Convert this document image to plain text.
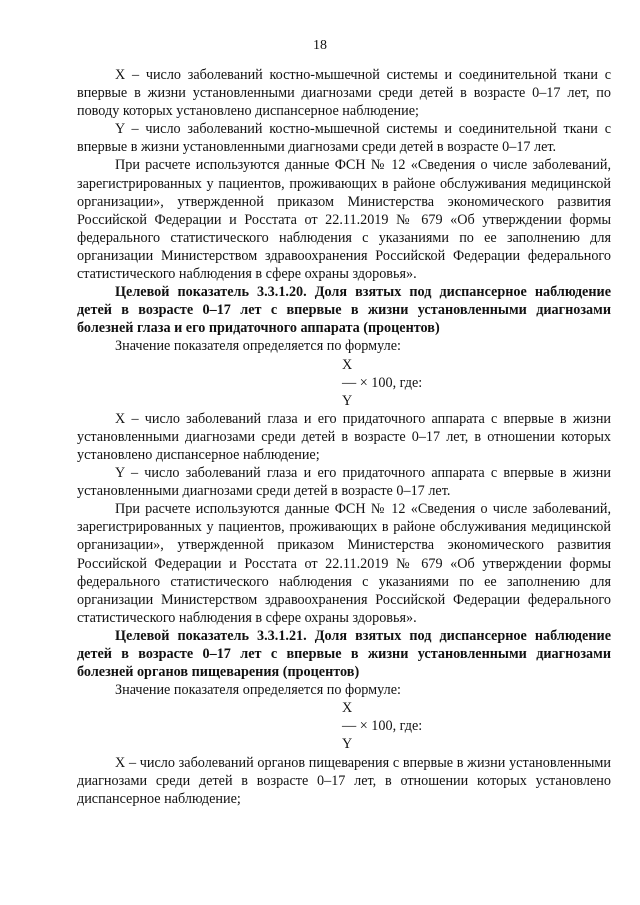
18

X – число заболеваний костно-мышечной системы и соединительной ткани с впервые в жизни установленными диагнозами среди детей в возрасте 0–17 лет, по поводу которых установлено диспансерное наблюдение;

Y – число заболеваний костно-мышечной системы и соединительной ткани с впервые в жизни установленными диагнозами среди детей в возрасте 0–17 лет.

При расчете используются данные ФСН № 12 «Сведения о числе заболеваний, зарегистрированных у пациентов, проживающих в районе обслуживания медицинской организации», утвержденной приказом Министерства экономического развития Российской Федерации и Росстата от 22.11.2019 № 679 «Об утверждении формы федерального статистического наблюдения с указаниями по ее заполнению для организации Министерством здравоохранения Российской Федерации федерального статистического наблюдения в сфере охраны здоровья».

Целевой показатель 3.3.1.20. Доля взятых под диспансерное наблюдение детей в возрасте 0–17 лет с впервые в жизни установленными диагнозами болезней глаза и его придаточного аппарата (процентов)

Значение показателя определяется по формуле:

X
— × 100, где:
Y

X – число заболеваний глаза и его придаточного аппарата с впервые в жизни установленными диагнозами среди детей в возрасте 0–17 лет, в отношении которых установлено диспансерное наблюдение;

Y – число заболеваний глаза и его придаточного аппарата с впервые в жизни установленными диагнозами среди детей в возрасте 0–17 лет.

При расчете используются данные ФСН № 12 «Сведения о числе заболеваний, зарегистрированных у пациентов, проживающих в районе обслуживания медицинской организации», утвержденной приказом Министерства экономического развития Российской Федерации и Росстата от 22.11.2019 № 679 «Об утверждении формы федерального статистического наблюдения с указаниями по ее заполнению для организации Министерством здравоохранения Российской Федерации федерального статистического наблюдения в сфере охраны здоровья».

Целевой показатель 3.3.1.21. Доля взятых под диспансерное наблюдение детей в возрасте 0–17 лет с впервые в жизни установленными диагнозами болезней органов пищеварения (процентов)

Значение показателя определяется по формуле:

X
— × 100, где:
Y

X – число заболеваний органов пищеварения с впервые в жизни установленными диагнозами среди детей в возрасте 0–17 лет, в отношении которых установлено диспансерное наблюдение;
